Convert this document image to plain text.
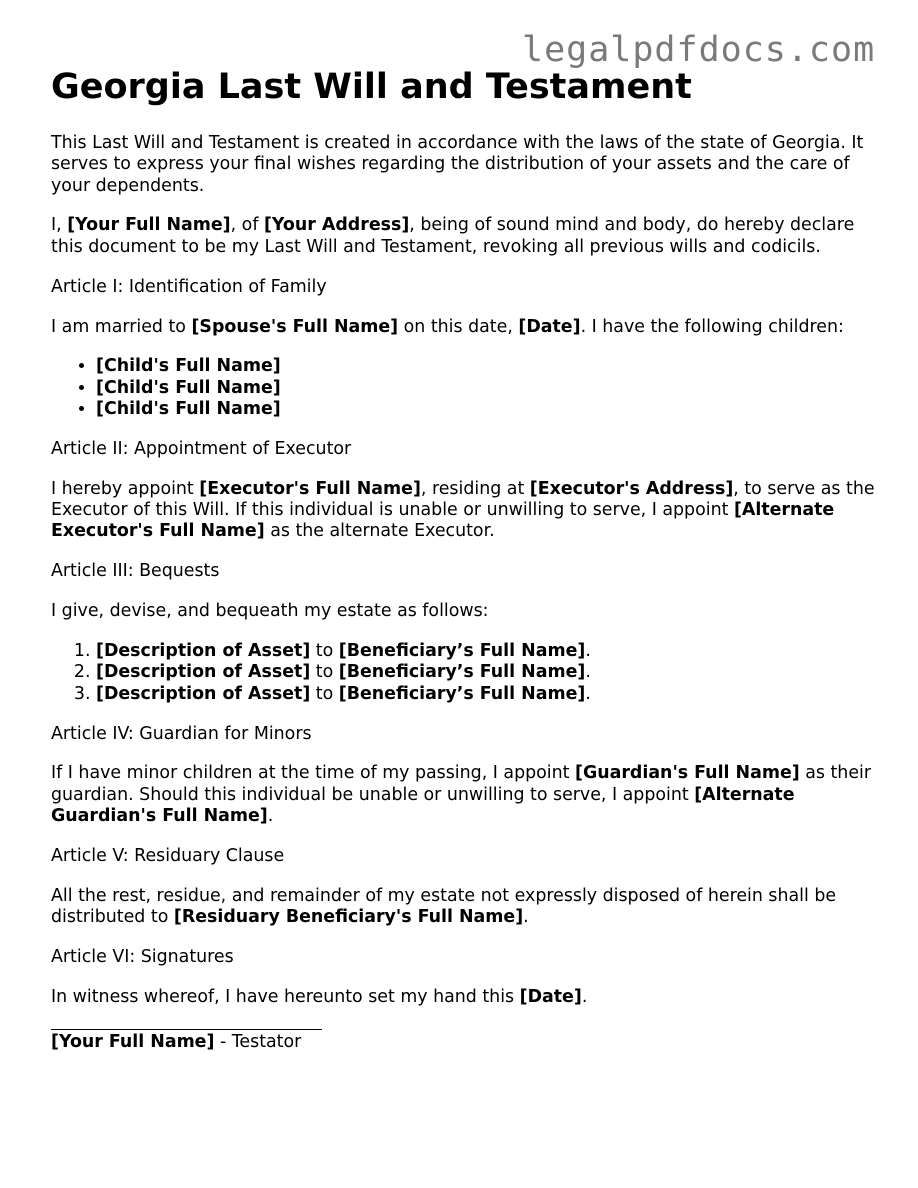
legalpdfdocs.com
Georgia Last Will and Testament

This Last Will and Testament is created in accordance with the laws of the state of Georgia. It serves to express your final wishes regarding the distribution of your assets and the care of your dependents.

I, [Your Full Name], of [Your Address], being of sound mind and body, do hereby declare this document to be my Last Will and Testament, revoking all previous wills and codicils.

Article I: Identification of Family

I am married to [Spouse's Full Name] on this date, [Date]. I have the following children:

• [Child's Full Name]
• [Child's Full Name]
• [Child's Full Name]

Article II: Appointment of Executor

I hereby appoint [Executor's Full Name], residing at [Executor's Address], to serve as the Executor of this Will. If this individual is unable or unwilling to serve, I appoint [Alternate Executor's Full Name] as the alternate Executor.

Article III: Bequests

I give, devise, and bequeath my estate as follows:

1. [Description of Asset] to [Beneficiary’s Full Name].
2. [Description of Asset] to [Beneficiary’s Full Name].
3. [Description of Asset] to [Beneficiary’s Full Name].

Article IV: Guardian for Minors

If I have minor children at the time of my passing, I appoint [Guardian's Full Name] as their guardian. Should this individual be unable or unwilling to serve, I appoint [Alternate Guardian's Full Name].

Article V: Residuary Clause

All the rest, residue, and remainder of my estate not expressly disposed of herein shall be distributed to [Residuary Beneficiary's Full Name].

Article VI: Signatures

In witness whereof, I have hereunto set my hand this [Date].

[Your Full Name] - Testator
